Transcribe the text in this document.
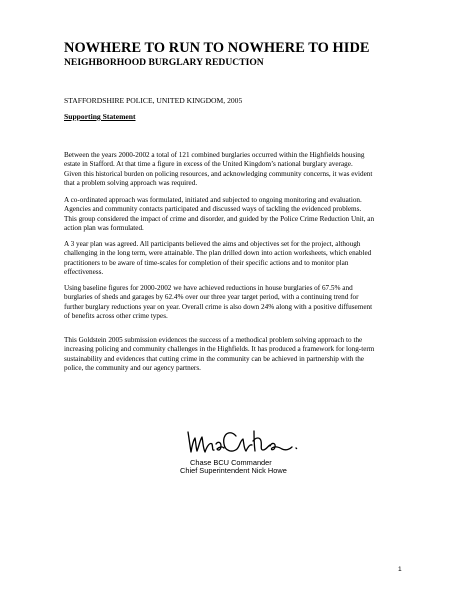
NOWHERE TO RUN TO NOWHERE TO HIDE
NEIGHBORHOOD BURGLARY REDUCTION

STAFFORDSHIRE POLICE, UNITED KINGDOM, 2005

Supporting Statement

Between the years 2000-2002 a total of 121 combined burglaries occurred within the Highfields housing
estate in Stafford. At that time a figure in excess of the United Kingdom’s national burglary average.
Given this historical burden on policing resources, and acknowledging community concerns, it was evident
that a problem solving approach was required.

A co-ordinated approach was formulated, initiated and subjected to ongoing monitoring and evaluation.
Agencies and community contacts participated and discussed ways of tackling the evidenced problems.
This group considered the impact of crime and disorder, and guided by the Police Crime Reduction Unit, an
action plan was formulated.

A 3 year plan was agreed. All participants believed the aims and objectives set for the project, although
challenging in the long term, were attainable. The plan drilled down into action worksheets, which enabled
practitioners to be aware of time-scales for completion of their specific actions and to monitor plan
effectiveness.

Using baseline figures for 2000-2002 we have achieved reductions in house burglaries of 67.5% and
burglaries of sheds and garages by 62.4% over our three year target period, with a continuing trend for
further burglary reductions year on year. Overall crime is also down 24% along with a positive diffusement
of benefits across other crime types.

This Goldstein 2005 submission evidences the success of a methodical problem solving approach to the
increasing policing and community challenges in the Highfields. It has produced a framework for long-term
sustainability and evidences that cutting crime in the community can be achieved in partnership with the
police, the community and our agency partners.

Chase BCU Commander

Chief Superintendent Nick Howe

1
